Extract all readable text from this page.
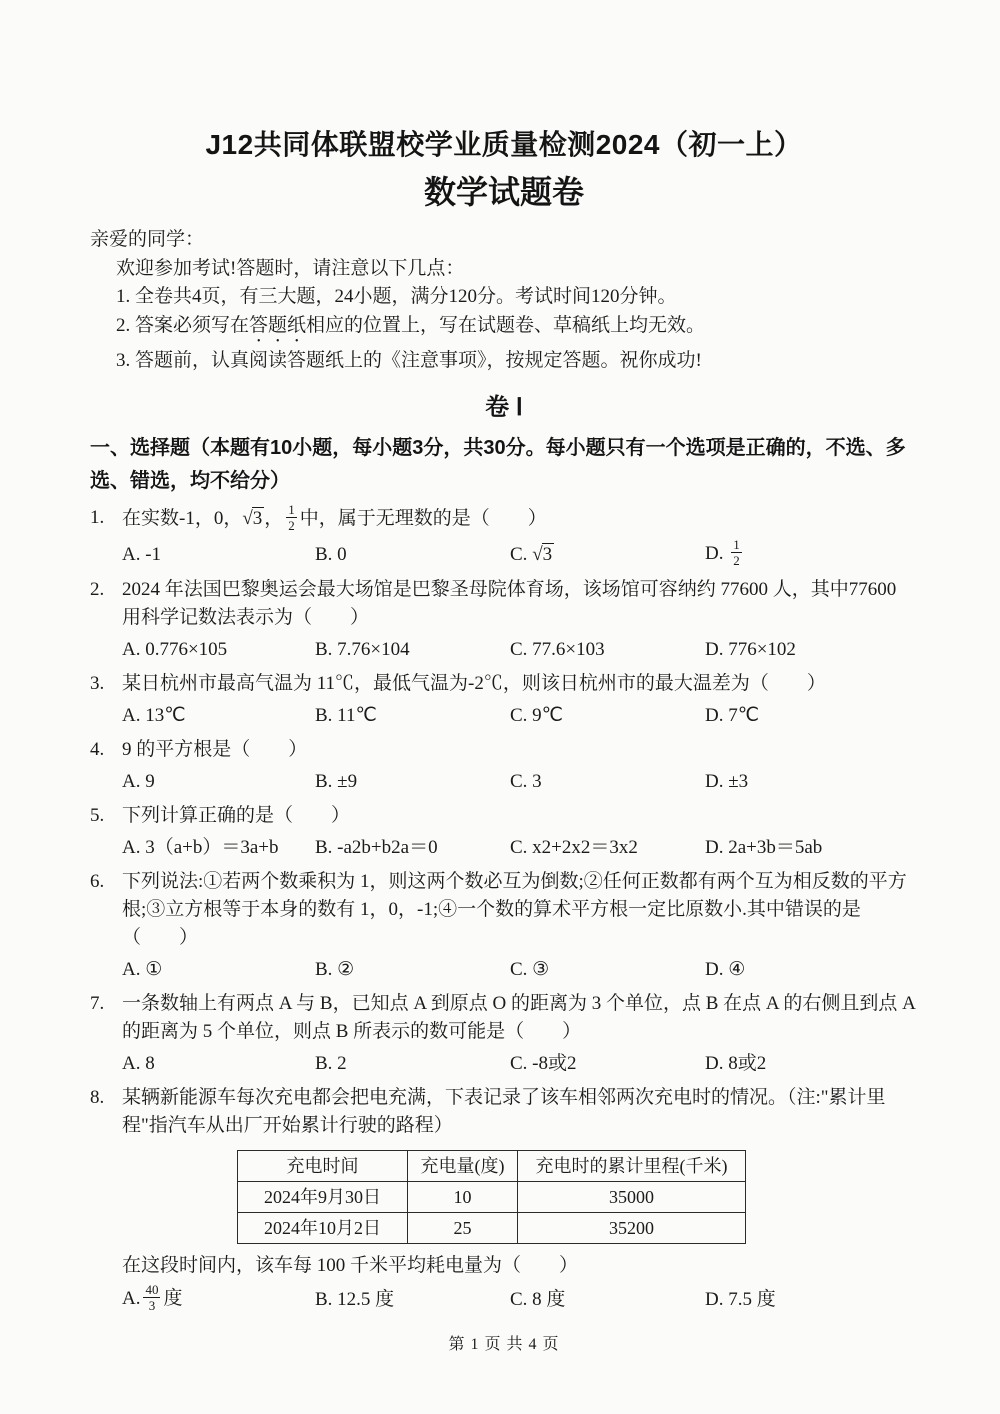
J12共同体联盟校学业质量检测2024（初一上）
数学试题卷

亲爱的同学：

欢迎参加考试!答题时，请注意以下几点：

1. 全卷共4页，有三大题，24小题，满分120分。考试时间120分钟。

2. 答案必须写在答题纸相应的位置上，写在试题卷、草稿纸上均无效。

3. 答题前，认真阅读答题纸上的《注意事项》，按规定答题。祝你成功!

卷 Ⅰ
一、选择题（本题有10小题，每小题3分，共30分。每小题只有一个选项是正确的，不选、多选、错选，均不给分）
1. 在实数-1，0，√3 ， $\frac{1}{2}$ 中，属于无理数的是（　　）
A. -1	B. 0	C. √3	D. $\frac{1}{2}$
2. 2024 年法国巴黎奥运会最大场馆是巴黎圣母院体育场，该场馆可容纳约 77600 人，其中77600 用科学记数法表示为（　　）
A. 0.776×105	B. 7.76×104	C. 77.6×103	D. 776×102
3. 某日杭州市最高气温为 11℃，最低气温为-2℃，则该日杭州市的最大温差为（　　）
A. 13℃	B. 11℃	C. 9℃	D. 7℃
4. 9 的平方根是（　　）
A. 9	B. ±9	C. 3	D. ±3
5. 下列计算正确的是（　　）
A. 3（a+b）＝3a+b	B. -a2b+b2a＝0	C. x2+2x2＝3x2	D. 2a+3b＝5ab
6. 下列说法:①若两个数乘积为 1，则这两个数必互为倒数;②任何正数都有两个互为相反数的平方根;③立方根等于本身的数有 1，0，-1;④一个数的算术平方根一定比原数小.其中错误的是（　　）
A. ①	B. ②	C. ③	D. ④
7. 一条数轴上有两点 A 与 B，已知点 A 到原点 O 的距离为 3 个单位，点 B 在点 A 的右侧且到点 A 的距离为 5 个单位，则点 B 所表示的数可能是（　　）
A. 8	B. 2	C. -8或2	D. 8或2
8. 某辆新能源车每次充电都会把电充满，下表记录了该车相邻两次充电时的情况。（注:"累计里程"指汽车从出厂开始累计行驶的路程）
充电时间	充电量(度)	充电时的累计里程(千米)
2024年9月30日	10	35000
2024年10月2日	25	35200
在这段时间内，该车每 100 千米平均耗电量为（　　）
A. $\frac{40}{3}$ 度	B. 12.5 度	C. 8 度	D. 7.5 度
第 1 页 共 4 页
